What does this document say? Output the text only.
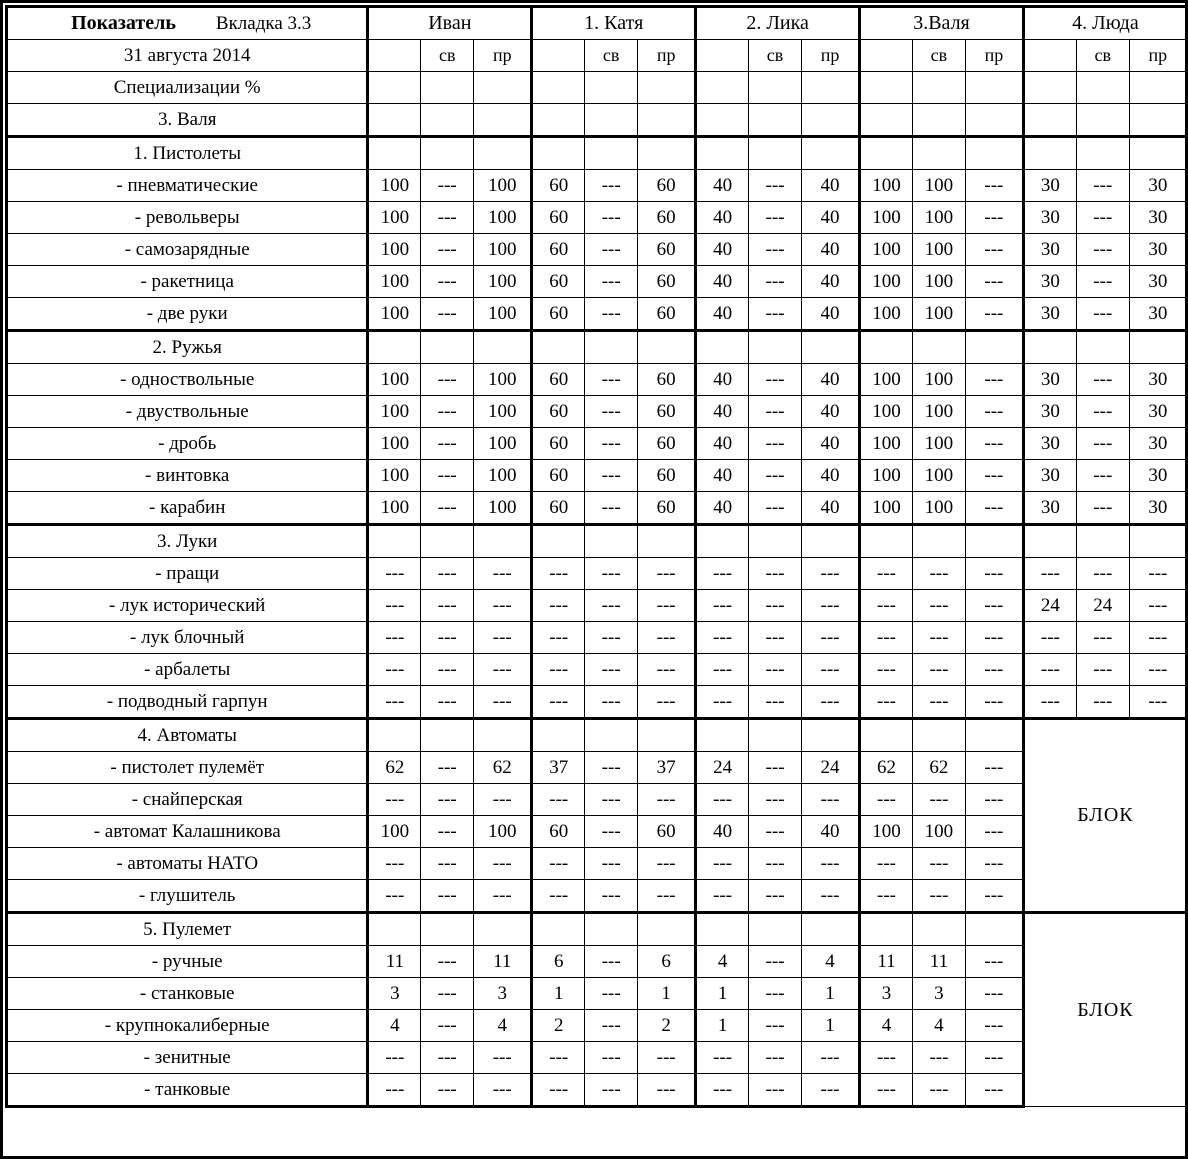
Показатель Вкладка 3.3	Иван			1. Катя			2. Лика			3.Валя			4. Люда		
31 августа 2014		св	пр		св	пр		св	пр		св	пр		св	пр
Специализации %															
3. Валя															
1. Пистолеты															
- пневматические	100	---	100	60	---	60	40	---	40	100	100	---	30	---	30
- револьверы	100	---	100	60	---	60	40	---	40	100	100	---	30	---	30
- самозарядные	100	---	100	60	---	60	40	---	40	100	100	---	30	---	30
- ракетница	100	---	100	60	---	60	40	---	40	100	100	---	30	---	30
- две руки	100	---	100	60	---	60	40	---	40	100	100	---	30	---	30
2. Ружья															
- одноствольные	100	---	100	60	---	60	40	---	40	100	100	---	30	---	30
- двуствольные	100	---	100	60	---	60	40	---	40	100	100	---	30	---	30
- дробь	100	---	100	60	---	60	40	---	40	100	100	---	30	---	30
- винтовка	100	---	100	60	---	60	40	---	40	100	100	---	30	---	30
- карабин	100	---	100	60	---	60	40	---	40	100	100	---	30	---	30
3. Луки															
- пращи	---	---	---	---	---	---	---	---	---	---	---	---	---	---	---
- лук исторический	---	---	---	---	---	---	---	---	---	---	---	---	24	24	---
- лук блочный	---	---	---	---	---	---	---	---	---	---	---	---	---	---	---
- арбалеты	---	---	---	---	---	---	---	---	---	---	---	---	---	---	---
- подводный гарпун	---	---	---	---	---	---	---	---	---	---	---	---	---	---	---
4. Автоматы													БЛОК		
- пистолет пулемёт	62	---	62	37	---	37	24	---	24	62	62	---			
- снайперская	---	---	---	---	---	---	---	---	---	---	---	---			
- автомат Калашникова	100	---	100	60	---	60	40	---	40	100	100	---			
- автоматы НАТО	---	---	---	---	---	---	---	---	---	---	---	---			
- глушитель	---	---	---	---	---	---	---	---	---	---	---	---			
5. Пулемет													БЛОК		
- ручные	11	---	11	6	---	6	4	---	4	11	11	---			
- станковые	3	---	3	1	---	1	1	---	1	3	3	---			
- крупнокалиберные	4	---	4	2	---	2	1	---	1	4	4	---			
- зенитные	---	---	---	---	---	---	---	---	---	---	---	---			
- танковые	---	---	---	---	---	---	---	---	---	---	---	---			
